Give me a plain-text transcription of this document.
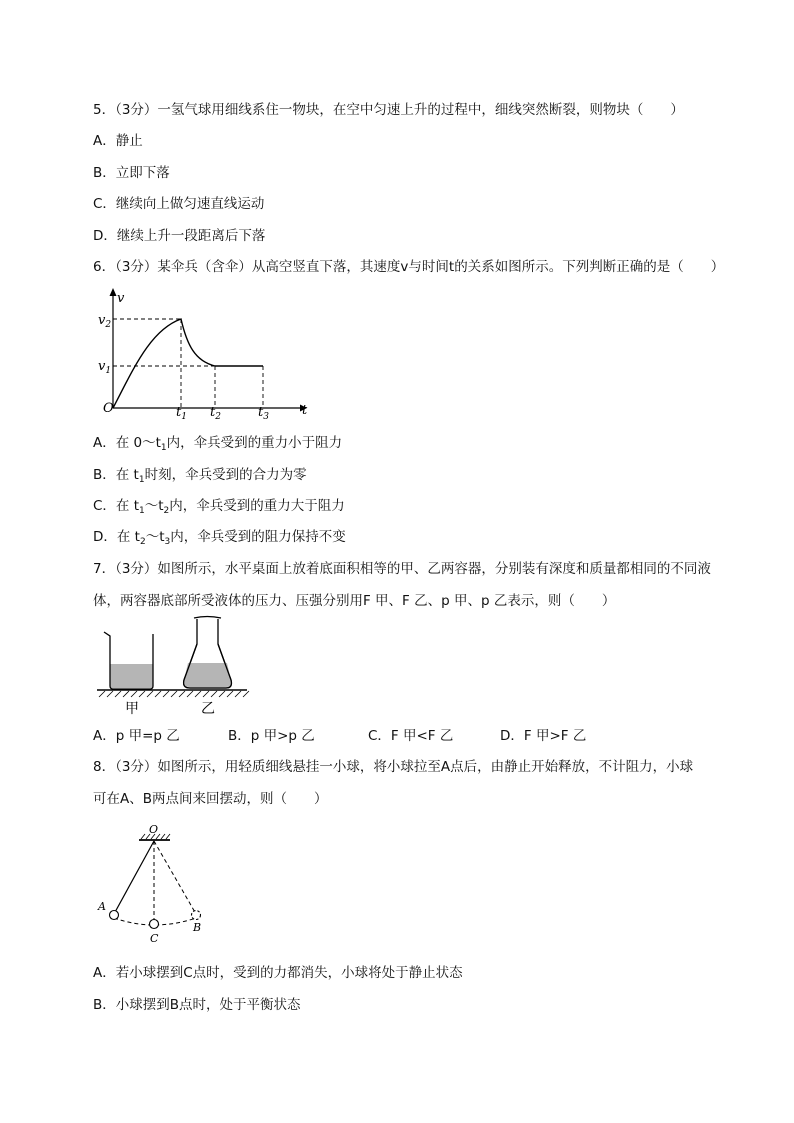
5．（3分）一氢气球用细线系住一物块，在空中匀速上升的过程中，细线突然断裂，则物块（　　）
A．静止
B．立即下落
C．继续向上做匀速直线运动
D．继续上升一段距离后下落
6．（3分）某伞兵（含伞）从高空竖直下落，其速度v与时间t的关系如图所示。下列判断正确的是（　　）
v
t
O
$v_2$
$v_1$
$t_1$ $t_2$	$t_3$
A．在 $0\sim t_1$内，伞兵受到的重力小于阻力
B．在 $t_1$时刻，伞兵受到的合力为零
C．在 $t_1\sim t_2$内，伞兵受到的重力大于阻力
D．在 $t_2\sim t_3$内，伞兵受到的阻力保持不变
7．（3分）如图所示，水平桌面上放着底面积相等的甲、乙两容器，分别装有深度和质量都相同的不同液
体，两容器底部所受液体的压力、压强分别用F 甲、F 乙、p 甲、p 乙表示，则（　　）
甲	乙
A．p 甲=p 乙	B．p 甲>p 乙	C．F 甲<F 乙	D．F 甲>F 乙
8．（3分）如图所示，用轻质细线悬挂一小球，将小球拉至A点后，由静止开始释放，不计阻力，小球
可在A、B两点间来回摆动，则（　　）
O
A
C
B
A．若小球摆到C点时，受到的力都消失，小球将处于静止状态
B．小球摆到B点时，处于平衡状态
